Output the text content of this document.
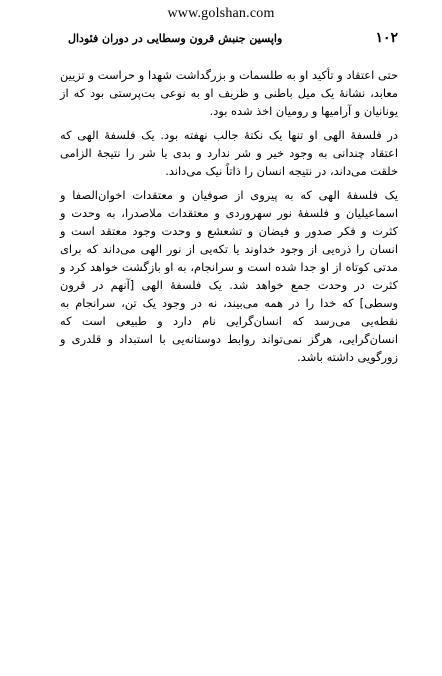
www.golshan.com
۱۰۲
واپسین جنبش قرون وسطایی در دوران فئودال

حتی اعتقاد و تأکید او به طلسمات و بزرگداشت شهدا و حراست و تزیین معابد، نشانهٔ یک میل باطنی و ظریف او به نوعی بت‌پرستی بود که از یونانیان و آرامیها و رومیان اخذ شده بود.

در فلسفهٔ الهی او تنها یک نکتهٔ جالب نهفته بود. یک فلسفهٔ الهی که اعتقاد چندانی به وجود خیر و شر ندارد و بدی یا شر را نتیجهٔ الزامی خلقت می‌داند، در نتیجه انسان را ذاتاً نیک می‌داند.

یک فلسفهٔ الهی که به پیروی از صوفیان و معتقدات اخوان‌الصفا و اسماعیلیان و فلسفهٔ نور سهروردی و معتقدات ملاصدرا، به وحدت و کثرت و فکر صدور و فیضان و تشعشع و وحدت وجود معتقد است و انسان را ذره‌یی از وجود خداوند یا تکه‌یی از نور الهی می‌داند که برای مدتی کوتاه از او جدا شده است و سرانجام، به او بازگشت خواهد کرد و کثرت در وحدت جمع خواهد شد. یک فلسفهٔ الهی [آنهم در قرون وسطی] که خدا را در همه می‌بیند، نه در وجود یک تن، سرانجام به نقطه‌یی می‌رسد که انسان‌گرایی نام دارد و طبیعی است که انسان‌گرایی، هرگز نمی‌تواند روابط دوستانه‌یی با استبداد و قلدری و زورگویی داشته باشد.
